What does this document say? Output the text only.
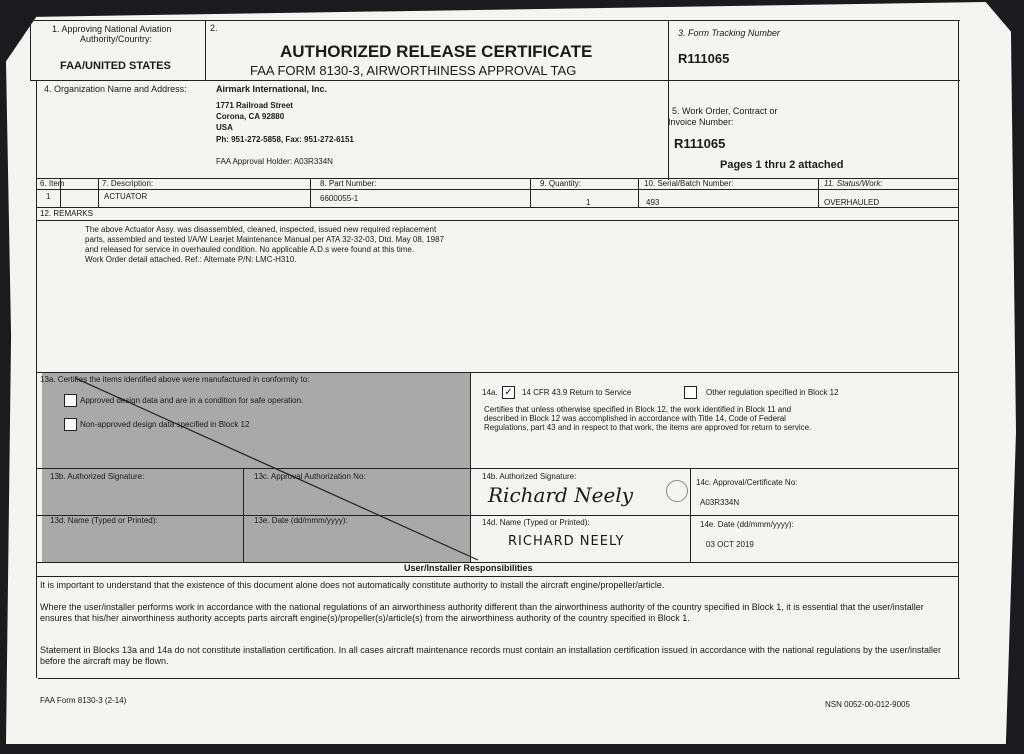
1. Approving National Aviation
Authority/Country:
FAA/UNITED STATES
2.
AUTHORIZED RELEASE CERTIFICATE
FAA FORM 8130-3, AIRWORTHINESS APPROVAL TAG
3. Form Tracking Number
R111065
4. Organization Name and Address:	Airmark International, Inc.
1771 Railroad Street
Corona, CA 92880
USA
Ph: 951-272-5858, Fax: 951-272-6151
FAA Approval Holder: A03R334N
5. Work Order, Contract or
Invoice Number:
R111065
Pages 1 thru 2 attached
6. Item	7. Description:	8. Part Number:	9. Quantity:	10. Serial/Batch Number:	11. Status/Work:
1	ACTUATOR	6600055-1	1	493	OVERHAULED
12. REMARKS
The above Actuator Assy. was disassembled, cleaned, inspected, issued new required replacement
parts, assembled and tested I/A/W Learjet Maintenance Manual per ATA 32-32-03, Dtd. May 08, 1987
and released for service in overhauled condition. No applicable A.D.s were found at this time.
Work Order detail attached. Ref.: Alternate P/N: LMC-H310.
13a. Certifies the items identified above were manufactured in conformity to:
Approved design data and are in a condition for safe operation.
Non-approved design data specified in Block 12
13b. Authorized Signature:	13c. Approval Authorization No:
13d. Name (Typed or Printed):	13e. Date (dd/mmm/yyyy):
14a. ✓ 14 CFR 43.9 Return to Service	Other regulation specified in Block 12
Certifies that unless otherwise specified in Block 12, the work identified in Block 11 and
described in Block 12 was accomplished in accordance with Title 14, Code of Federal
Regulations, part 43 and in respect to that work, the items are approved for return to service.
14b. Authorized Signature:
Richard Neely
14c. Approval/Certificate No:
A03R334N
14d. Name (Typed or Printed):
RICHARD NEELY
14e. Date (dd/mmm/yyyy):
03 OCT 2019
User/Installer Responsibilities
It is important to understand that the existence of this document alone does not automatically constitute authority to install the aircraft engine/propeller/article.
Where the user/installer performs work in accordance with the national regulations of an airworthiness authority different than the airworthiness authority of the country specified in Block 1, it is essential that the user/installer ensures that his/her airworthiness authority accepts parts aircraft engine(s)/propeller(s)/article(s) from the airworthiness authority of the country specified in Block 1.
Statement in Blocks 13a and 14a do not constitute installation certification. In all cases aircraft maintenance records must contain an installation certification issued in accordance with the national regulations by the user/installer before the aircraft may be flown.
FAA Form 8130-3 (2-14)	NSN 0052-00-012-9005
